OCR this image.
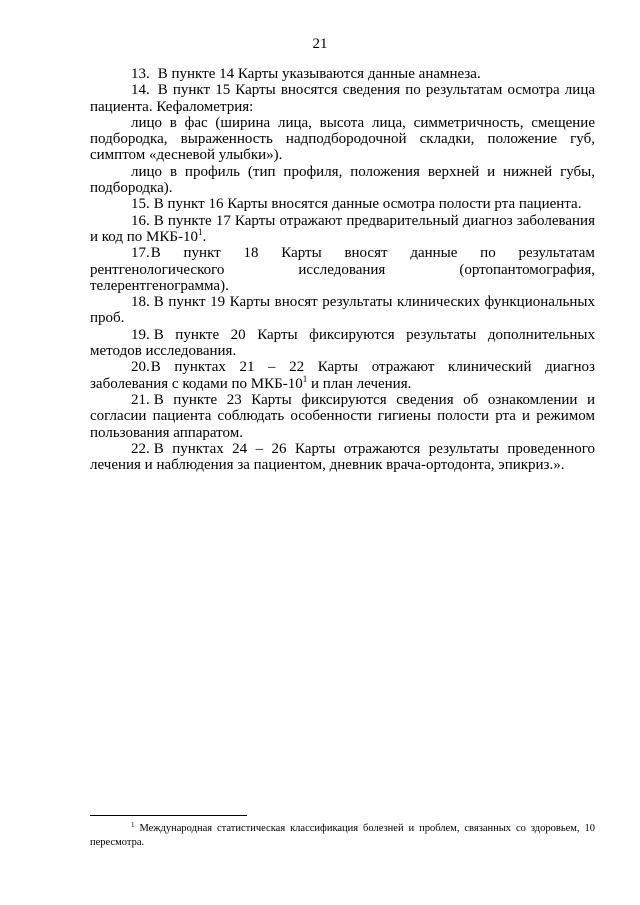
21

13. В пункте 14 Карты указываются данные анамнеза.

14. В пункт 15 Карты вносятся сведения по результатам осмотра лица пациента. Кефалометрия:

лицо в фас (ширина лица, высота лица, симметричность, смещение подбородка, выраженность надподбородочной складки, положение губ, симптом «десневой улыбки»).

лицо в профиль (тип профиля, положения верхней и нижней губы, подбородка).

15. В пункт 16 Карты вносятся данные осмотра полости рта пациента.

16. В пункте 17 Карты отражают предварительный диагноз заболевания и код по МКБ-$10^1$.

17.В пункт 18 Карты вносят данные по результатам
рентгенологического	исследования	(ортопантомография,
телерентгенограмма).

18. В пункт 19 Карты вносят результаты клинических функциональных проб.

19. В пункте 20 Карты фиксируются результаты дополнительных методов исследования.

20.В пунктах 21 – 22 Карты отражают клинический диагноз заболевания с кодами по МКБ-$10^1$ и план лечения.

21. В пункте 23 Карты фиксируются сведения об ознакомлении и согласии пациента соблюдать особенности гигиены полости рта и режимом пользования аппаратом.

22. В пунктах 24 – 26 Карты отражаются результаты проведенного лечения и наблюдения за пациентом, дневник врача-ортодонта, эпикриз.».

$^1$ Международная статистическая классификация болезней и проблем, связанных со здоровьем, 10 пересмотра.
